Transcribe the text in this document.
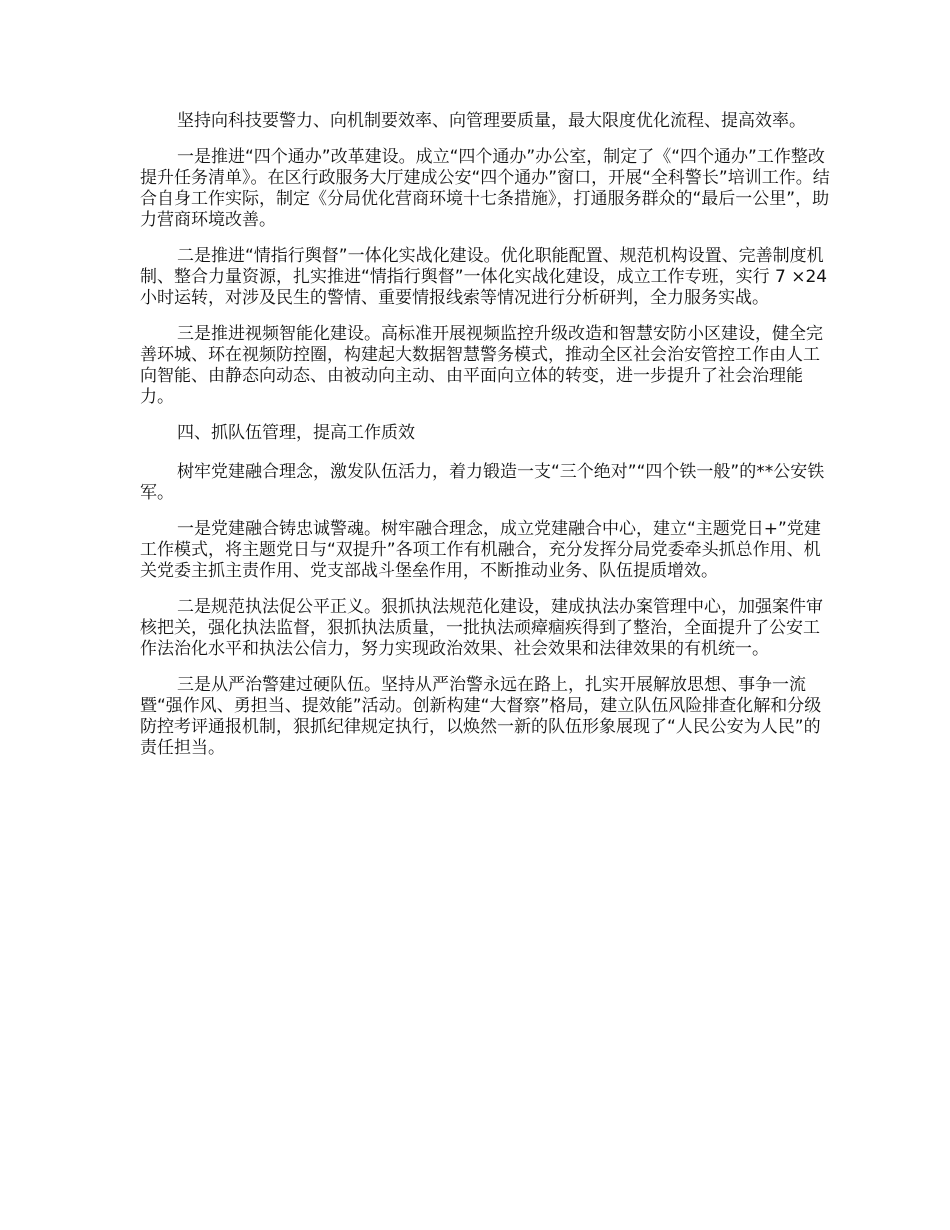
坚持向科技要警力、向机制要效率、向管理要质量，最大限度优化流程、提高效率。

一是推进“四个通办”改革建设。成立“四个通办”办公室，制定了《“四个通办”工作整改提升任务清单》。在区行政服务大厅建成公安“四个通办”窗口，开展“全科警长”培训工作。结合自身工作实际，制定《分局优化营商环境十七条措施》，打通服务群众的“最后一公里”，助力营商环境改善。

二是推进“情指行舆督”一体化实战化建设。优化职能配置、规范机构设置、完善制度机制、整合力量资源，扎实推进“情指行舆督”一体化实战化建设，成立工作专班，实行 7 ×24 小时运转，对涉及民生的警情、重要情报线索等情况进行分析研判，全力服务实战。

三是推进视频智能化建设。高标准开展视频监控升级改造和智慧安防小区建设，健全完善环城、环在视频防控圈，构建起大数据智慧警务模式，推动全区社会治安管控工作由人工向智能、由静态向动态、由被动向主动、由平面向立体的转变，进一步提升了社会治理能力。

四、抓队伍管理，提高工作质效

树牢党建融合理念，激发队伍活力，着力锻造一支“三个绝对”“四个铁一般”的**公安铁军。

一是党建融合铸忠诚警魂。树牢融合理念，成立党建融合中心，建立“主题党日+”党建工作模式，将主题党日与“双提升”各项工作有机融合，充分发挥分局党委牵头抓总作用、机关党委主抓主责作用、党支部战斗堡垒作用，不断推动业务、队伍提质增效。

二是规范执法促公平正义。狠抓执法规范化建设，建成执法办案管理中心，加强案件审核把关，强化执法监督，狠抓执法质量，一批执法顽瘴痼疾得到了整治，全面提升了公安工作法治化水平和执法公信力，努力实现政治效果、社会效果和法律效果的有机统一。

三是从严治警建过硬队伍。坚持从严治警永远在路上，扎实开展解放思想、事争一流暨“强作风、勇担当、提效能”活动。创新构建“大督察”格局，建立队伍风险排查化解和分级防控考评通报机制，狠抓纪律规定执行，以焕然一新的队伍形象展现了“人民公安为人民”的责任担当。
